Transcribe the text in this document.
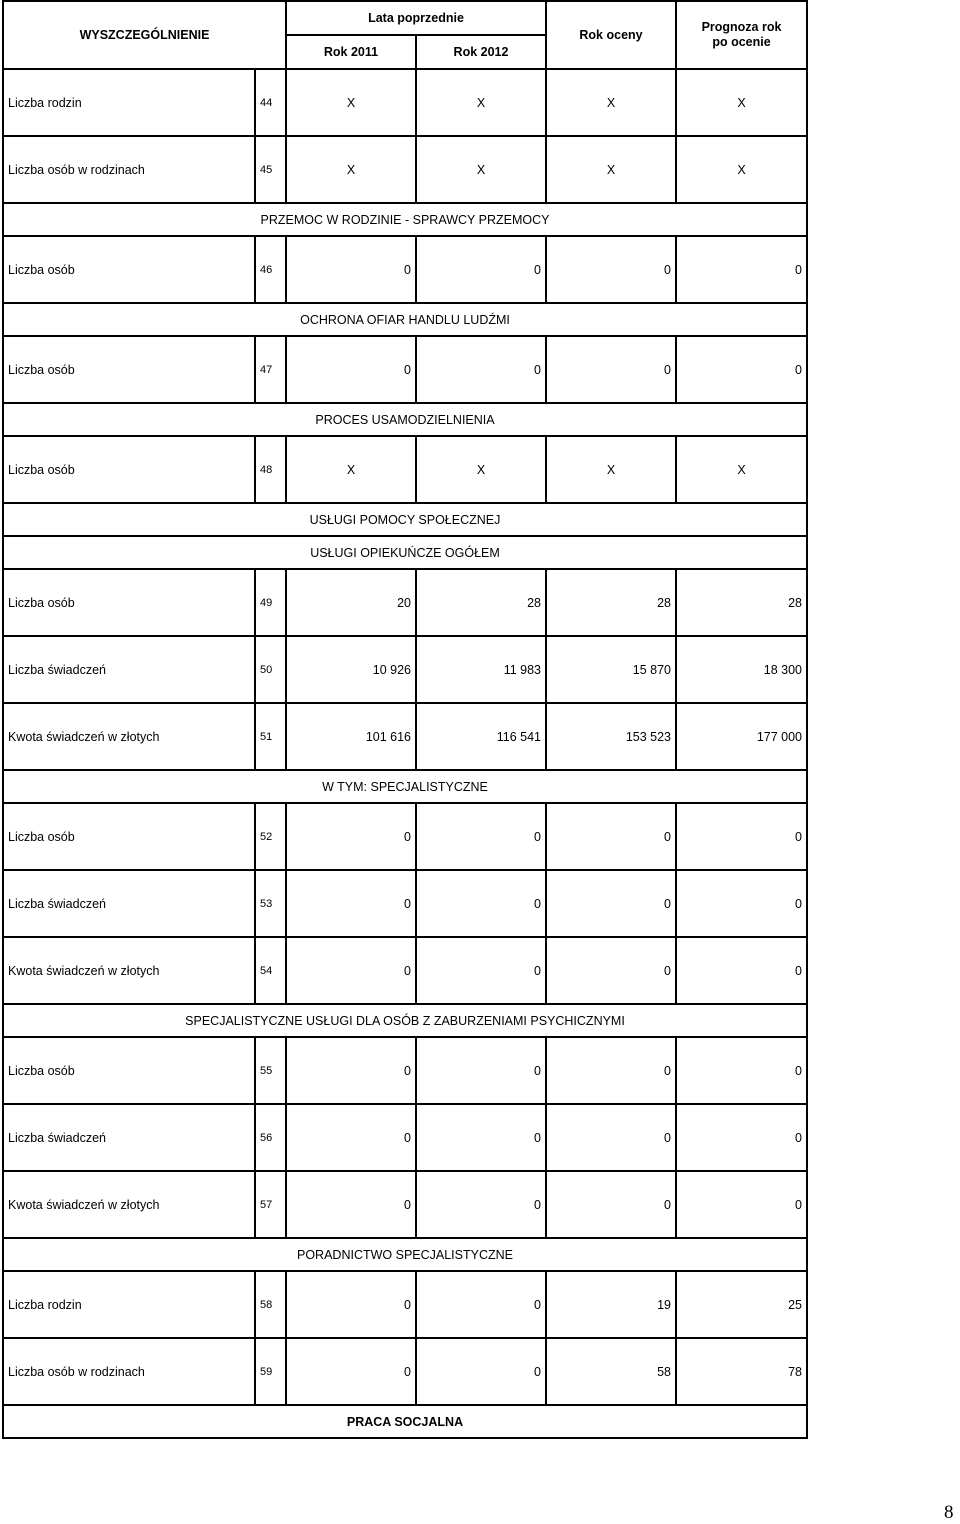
WYSZCZEGÓLNIENIE		Lata poprzednie		Rok oceny	Prognoza rok
po ocenie
		Rok 2011	Rok 2012		
Liczba rodzin	44	X	X	X	X
Liczba osób w rodzinach	45	X	X	X	X
PRZEMOC W RODZINIE - SPRAWCY PRZEMOCY					
Liczba osób	46	0	0	0	0
OCHRONA OFIAR HANDLU LUDŹMI					
Liczba osób	47	0	0	0	0
PROCES USAMODZIELNIENIA					
Liczba osób	48	X	X	X	X
USŁUGI POMOCY SPOŁECZNEJ					
USŁUGI OPIEKUŃCZE OGÓŁEM					
Liczba osób	49	20	28	28	28
Liczba świadczeń	50	10 926	11 983	15 870	18 300
Kwota świadczeń w złotych	51	101 616	116 541	153 523	177 000
W TYM: SPECJALISTYCZNE					
Liczba osób	52	0	0	0	0
Liczba świadczeń	53	0	0	0	0
Kwota świadczeń w złotych	54	0	0	0	0
SPECJALISTYCZNE USŁUGI DLA OSÓB Z ZABURZENIAMI PSYCHICZNYMI					
Liczba osób	55	0	0	0	0
Liczba świadczeń	56	0	0	0	0
Kwota świadczeń w złotych	57	0	0	0	0
PORADNICTWO SPECJALISTYCZNE					
Liczba rodzin	58	0	0	19	25
Liczba osób w rodzinach	59	0	0	58	78
PRACA SOCJALNA					
8
